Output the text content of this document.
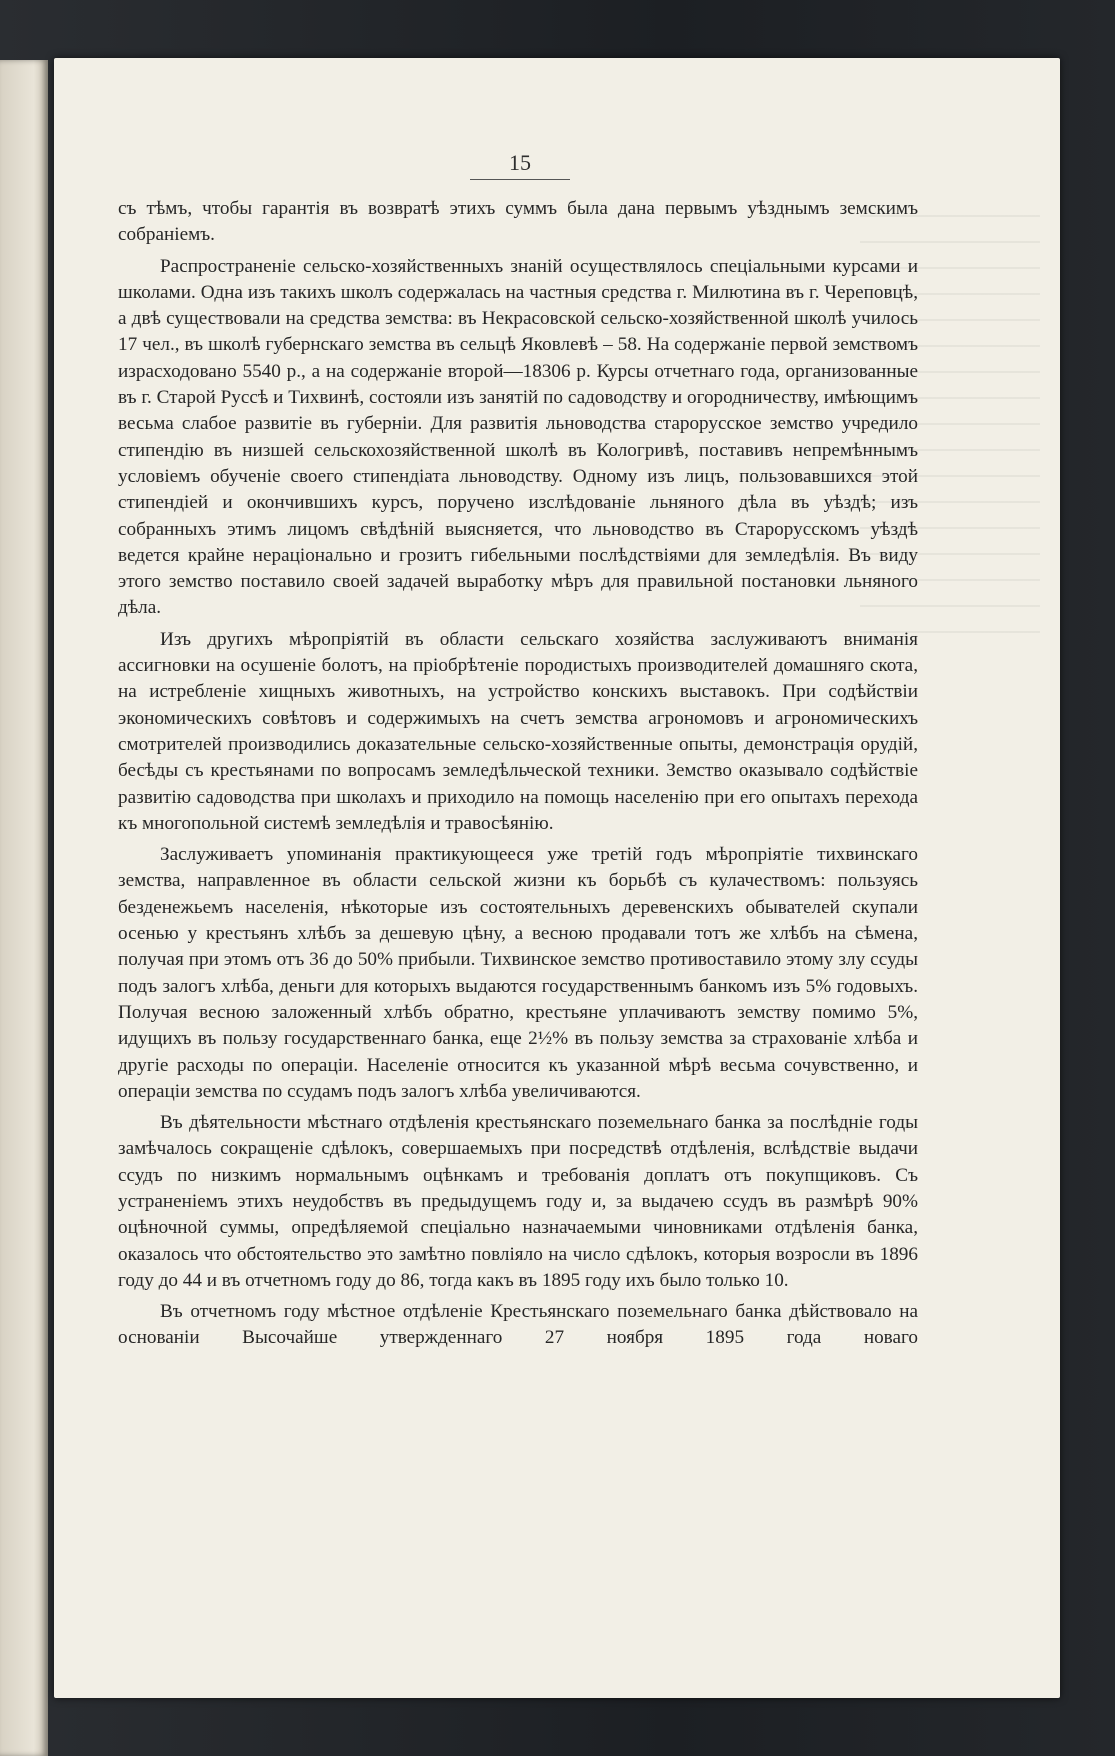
15

съ тѣмъ, чтобы гарантія въ возвратѣ этихъ суммъ была дана первымъ уѣзднымъ земскимъ собраніемъ.

Распространеніе сельско-хозяйственныхъ знаній осуществлялось спеціальными курсами и школами. Одна изъ такихъ школъ содержалась на частныя средства г. Милютина въ г. Череповцѣ, а двѣ существовали на средства земства: въ Некрасовской сельско-хозяйственной школѣ училось 17 чел., въ школѣ губернскаго земства въ сельцѣ Яковлевѣ – 58. На содержаніе первой земствомъ израсходовано 5540 р., а на содержаніе второй—18306 р. Курсы отчетнаго года, организованные въ г. Старой Руссѣ и Тихвинѣ, состояли изъ занятій по садоводству и огородничеству, имѣющимъ весьма слабое развитіе въ губерніи. Для развитія льноводства старорусское земство учредило стипендію въ низшей сельскохозяйственной школѣ въ Кологривѣ, поставивъ непремѣннымъ условіемъ обученіе своего стипендіата льноводству. Одному изъ лицъ, пользовавшихся этой стипендіей и окончившихъ курсъ, поручено изслѣдованіе льняного дѣла въ уѣздѣ; изъ собранныхъ этимъ лицомъ свѣдѣній выясняется, что льноводство въ Старорусскомъ уѣздѣ ведется крайне нераціонально и грозитъ гибельными послѣдствіями для земледѣлія. Въ виду этого земство поставило своей задачей выработку мѣръ для правильной постановки льняного дѣла.

Изъ другихъ мѣропріятій въ области сельскаго хозяйства заслуживаютъ вниманія ассигновки на осушеніе болотъ, на пріобрѣтеніе породистыхъ производителей домашняго скота, на истребленіе хищныхъ животныхъ, на устройство конскихъ выставокъ. При содѣйствіи экономическихъ совѣтовъ и содержимыхъ на счетъ земства агрономовъ и агрономическихъ смотрителей производились доказательные сельско-хозяйственные опыты, демонстрація орудій, бесѣды съ крестьянами по вопросамъ земледѣльческой техники. Земство оказывало содѣйствіе развитію садоводства при школахъ и приходило на помощь населенію при его опытахъ перехода къ многопольной системѣ земледѣлія и травосѣянію.

Заслуживаетъ упоминанія практикующееся уже третій годъ мѣропріятіе тихвинскаго земства, направленное въ области сельской жизни къ борьбѣ съ кулачествомъ: пользуясь безденежьемъ населенія, нѣкоторые изъ состоятельныхъ деревенскихъ обывателей скупали осенью у крестьянъ хлѣбъ за дешевую цѣну, а весною продавали тотъ же хлѣбъ на сѣмена, получая при этомъ отъ 36 до 50% прибыли. Тихвинское земство противоставило этому злу ссуды подъ залогъ хлѣба, деньги для которыхъ выдаются государственнымъ банкомъ изъ 5% годовыхъ. Получая весною заложенный хлѣбъ обратно, крестьяне уплачиваютъ земству помимо 5%, идущихъ въ пользу государственнаго банка, еще 2½% въ пользу земства за страхованіе хлѣба и другіе расходы по операціи. Населеніе относится къ указанной мѣрѣ весьма сочувственно, и операціи земства по ссудамъ подъ залогъ хлѣба увеличиваются.

Въ дѣятельности мѣстнаго отдѣленія крестьянскаго поземельнаго банка за послѣдніе годы замѣчалось сокращеніе сдѣлокъ, совершаемыхъ при посредствѣ отдѣленія, вслѣдствіе выдачи ссудъ по низкимъ нормальнымъ оцѣнкамъ и требованія доплатъ отъ покупщиковъ. Съ устраненіемъ этихъ неудобствъ въ предыдущемъ году и, за выдачею ссудъ въ размѣрѣ 90% оцѣночной суммы, опредѣляемой спеціально назначаемыми чиновниками отдѣленія банка, оказалось что обстоятельство это замѣтно повліяло на число сдѣлокъ, которыя возросли въ 1896 году до 44 и въ отчетномъ году до 86, тогда какъ въ 1895 году ихъ было только 10.

Въ отчетномъ году мѣстное отдѣленіе Крестьянскаго поземельнаго банка дѣйствовало на основаніи Высочайше утвержденнаго 27 ноября 1895 года новаго
